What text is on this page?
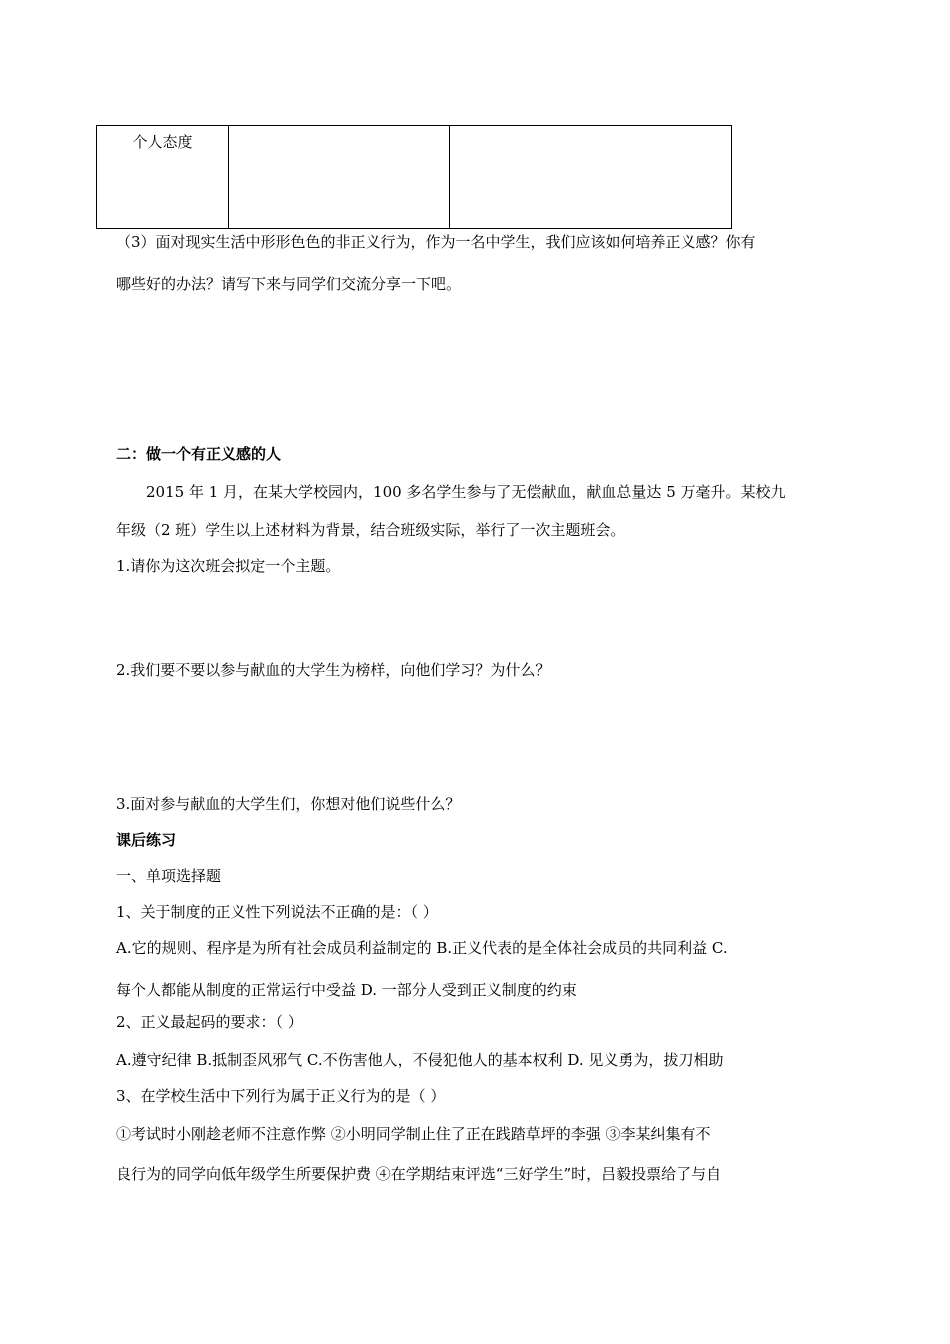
个人态度		
（3）面对现实生活中形形色色的非正义行为，作为一名中学生，我们应该如何培养正义感？你有
哪些好的办法？请写下来与同学们交流分享一下吧。
二：做一个有正义感的人
2015 年 1 月，在某大学校园内，100 多名学生参与了无偿献血，献血总量达 5 万毫升。某校九
年级（2 班）学生以上述材料为背景，结合班级实际，举行了一次主题班会。
1.请你为这次班会拟定一个主题。
2.我们要不要以参与献血的大学生为榜样，向他们学习？为什么？
3.面对参与献血的大学生们，你想对他们说些什么？
课后练习
一、单项选择题
1、关于制度的正义性下列说法不正确的是：（ ）
A.它的规则、程序是为所有社会成员利益制定的 B.正义代表的是全体社会成员的共同利益 C.
每个人都能从制度的正常运行中受益 D. 一部分人受到正义制度的约束
2、正义最起码的要求：（ ）
A.遵守纪律 B.抵制歪风邪气 C.不伤害他人，不侵犯他人的基本权利 D. 见义勇为，拔刀相助
3、在学校生活中下列行为属于正义行为的是（ ）
①考试时小刚趁老师不注意作弊 ②小明同学制止住了正在践踏草坪的李强 ③李某纠集有不
良行为的同学向低年级学生所要保护费 ④在学期结束评选“三好学生”时，吕毅投票给了与自
